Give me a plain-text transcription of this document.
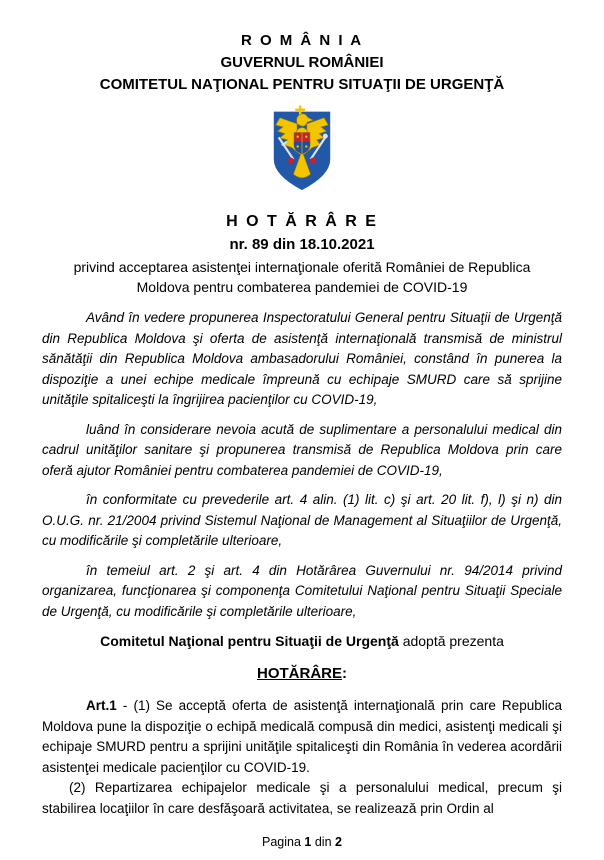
R O M Â N I A
GUVERNUL ROMÂNIEI
COMITETUL NAŢIONAL PENTRU SITUAŢII DE URGENŢĂ
H O T Ă R Â R E
nr. 89 din 18.10.2021
privind acceptarea asistenţei internaţionale oferită României de Republica
Moldova pentru combaterea pandemiei de COVID-19

Având în vedere propunerea Inspectoratului General pentru Situaţii de Urgenţă din Republica Moldova şi oferta de asistenţă internaţională transmisă de ministrul sănătăţii din Republica Moldova ambasadorului României, constând în punerea la dispoziţie a unei echipe medicale împreună cu echipaje SMURD care să sprijine unităţile spitaliceşti la îngrijirea pacienţilor cu COVID-19,

luând în considerare nevoia acută de suplimentare a personalului medical din cadrul unităţilor sanitare şi propunerea transmisă de Republica Moldova prin care oferă ajutor României pentru combaterea pandemiei de COVID-19,

în conformitate cu prevederile art. 4 alin. (1) lit. c) şi art. 20 lit. f), l) şi n) din O.U.G. nr. 21/2004 privind Sistemul Naţional de Management al Situaţiilor de Urgenţă, cu modificările şi completările ulterioare,

în temeiul art. 2 şi art. 4 din Hotărârea Guvernului nr. 94/2014 privind organizarea, funcţionarea şi componenţa Comitetului Naţional pentru Situaţii Speciale de Urgenţă, cu modificările şi completările ulterioare,

Comitetul Naţional pentru Situaţii de Urgenţă adoptă prezenta
HOTĂRÂRE:

Art.1 - (1) Se acceptă oferta de asistenţă internaţională prin care Republica Moldova pune la dispoziţie o echipă medicală compusă din medici, asistenţi medicali şi echipaje SMURD pentru a sprijini unităţile spitaliceşti din România în vederea acordării asistenţei medicale pacienţilor cu COVID-19.

(2) Repartizarea echipajelor medicale şi a personalului medical, precum şi stabilirea locaţiilor în care desfăşoară activitatea, se realizează prin Ordin al

Pagina 1 din 2
